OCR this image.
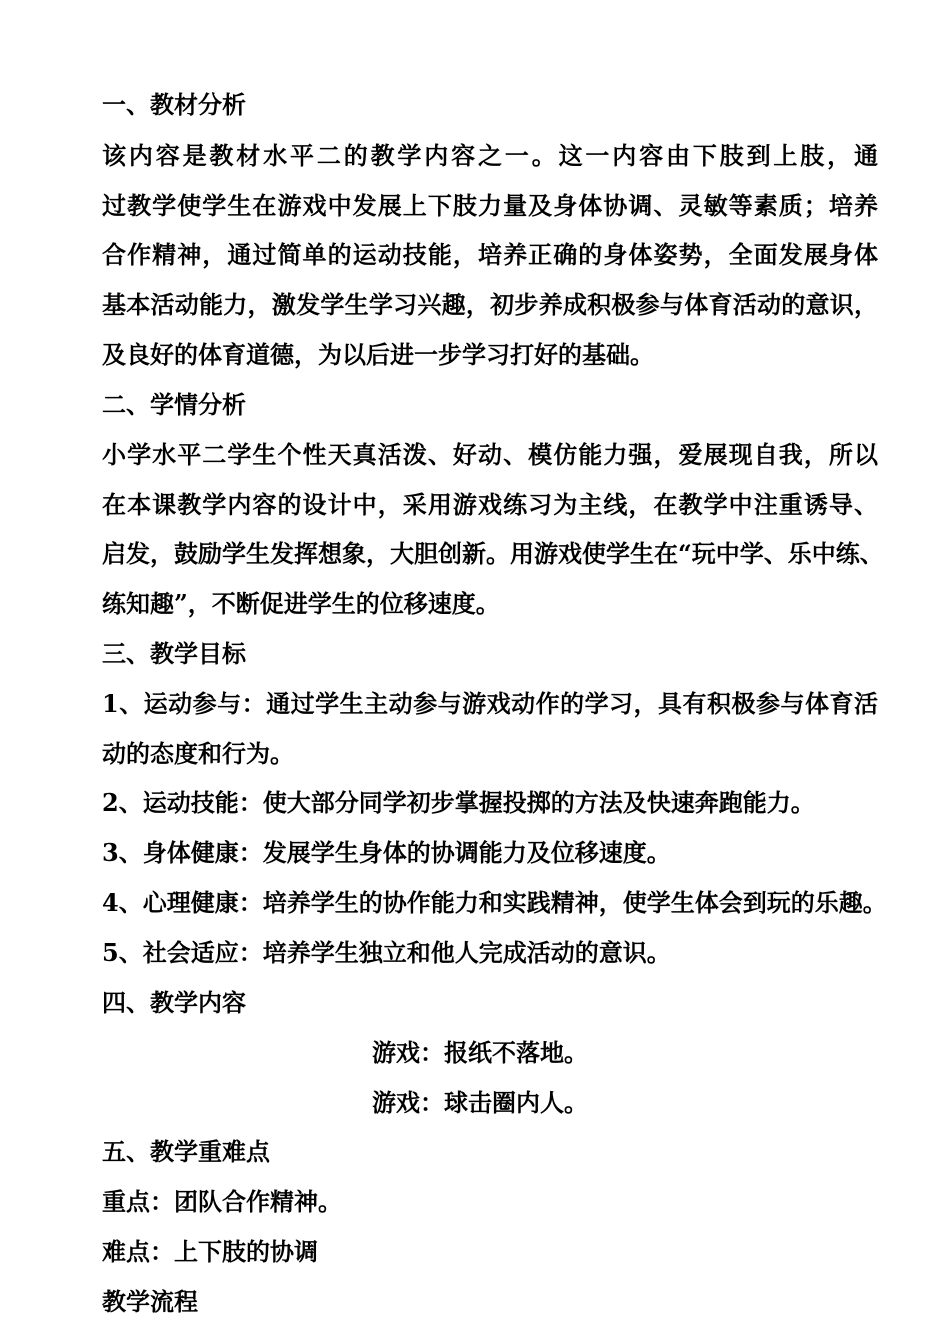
一、教材分析
该内容是教材水平二的教学内容之一。这一内容由下肢到上肢，通
过教学使学生在游戏中发展上下肢力量及身体协调、灵敏等素质；培养
合作精神，通过简单的运动技能，培养正确的身体姿势，全面发展身体
基本活动能力，激发学生学习兴趣，初步养成积极参与体育活动的意识，
及良好的体育道德，为以后进一步学习打好的基础。
二、学情分析
小学水平二学生个性天真活泼、好动、模仿能力强，爱展现自我，所以
在本课教学内容的设计中，采用游戏练习为主线，在教学中注重诱导、
启发，鼓励学生发挥想象，大胆创新。用游戏使学生在“玩中学、乐中练、
练知趣”，不断促进学生的位移速度。
三、教学目标
1、运动参与：通过学生主动参与游戏动作的学习，具有积极参与体育活
动的态度和行为。
2、运动技能：使大部分同学初步掌握投掷的方法及快速奔跑能力。
3、身体健康：发展学生身体的协调能力及位移速度。
4、心理健康：培养学生的协作能力和实践精神，使学生体会到玩的乐趣。
5、社会适应：培养学生独立和他人完成活动的意识。
四、教学内容
游戏：报纸不落地。
游戏：球击圈内人。
五、教学重难点
重点：团队合作精神。
难点：上下肢的协调
教学流程
